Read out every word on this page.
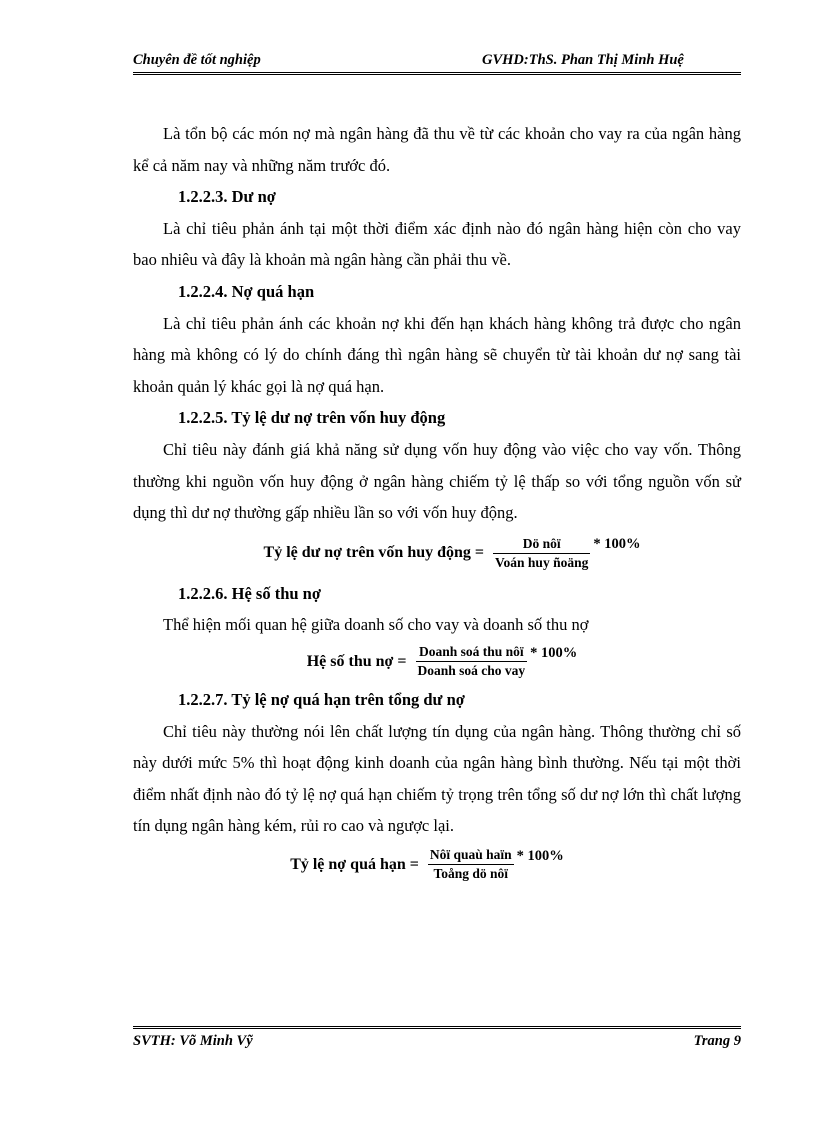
Chuyên đề tốt nghiệp	GVHD:ThS. Phan Thị Minh Huệ

Là tổn bộ các món nợ mà ngân hàng đã thu về từ các khoản cho vay ra của ngân hàng kể cả năm nay và những năm trước đó.

1.2.2.3. Dư nợ

Là chỉ tiêu phản ánh tại một thời điểm xác định nào đó ngân hàng hiện còn cho vay bao nhiêu và đây là khoản mà ngân hàng cần phải thu về.

1.2.2.4. Nợ quá hạn

Là chỉ tiêu phản ánh các khoản nợ khi đến hạn khách hàng không trả được cho ngân hàng mà không có lý do chính đáng thì ngân hàng sẽ chuyển từ tài khoản dư nợ sang tài khoản quản lý khác gọi là nợ quá hạn.

1.2.2.5. Tỷ lệ dư nợ trên vốn huy động

Chỉ tiêu này đánh giá khả năng sử dụng vốn huy động vào việc cho vay vốn. Thông thường khi nguồn vốn huy động ở ngân hàng chiếm tỷ lệ thấp so với tổng nguồn vốn sử dụng thì dư nợ thường gấp nhiều lần so với vốn huy động.

Tỷ lệ dư nợ trên vốn huy động = $\frac{\text{Dö nôï}}{\text{Voán huy ñoäng}} * 100\%$
1.2.2.6. Hệ số thu nợ

Thể hiện mối quan hệ giữa doanh số cho vay và doanh số thu nợ

Hệ số thu nợ = $\frac{\text{Doanh soá thu nôï}}{\text{Doanh soá cho vay}} * 100\%$
1.2.2.7. Tỷ lệ nợ quá hạn trên tổng dư nợ

Chỉ tiêu này thường nói lên chất lượng tín dụng của ngân hàng. Thông thường chỉ số này dưới mức 5% thì hoạt động kinh doanh của ngân hàng bình thường. Nếu tại một thời điểm nhất định nào đó tỷ lệ nợ quá hạn chiếm tỷ trọng trên tổng số dư nợ lớn thì chất lượng tín dụng ngân hàng kém, rủi ro cao và ngược lại.

Tỷ lệ nợ quá hạn = $\frac{\text{Nôï quaù haïn}}{\text{Toång dö nôï}} * 100\%$
SVTH: Võ Minh Vỹ	Trang 9
